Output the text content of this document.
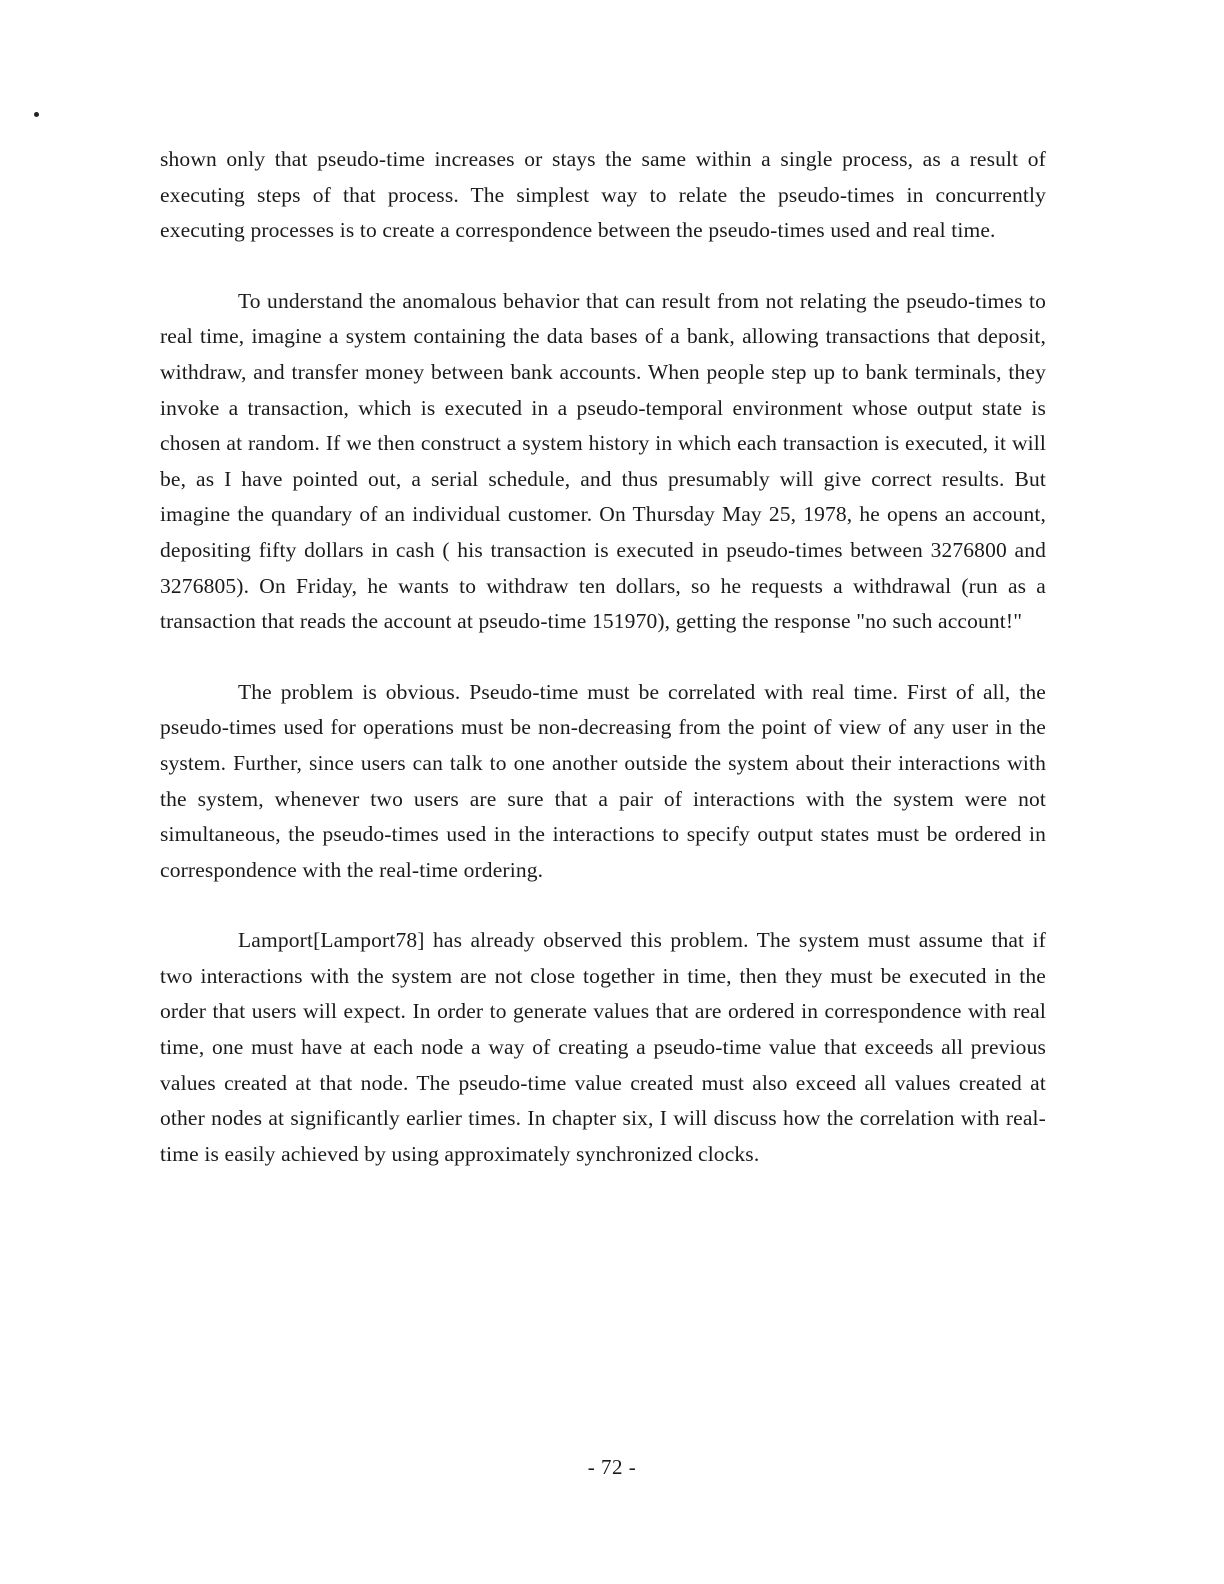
shown only that pseudo-time increases or stays the same within a single process, as a result of executing steps of that process. The simplest way to relate the pseudo-times in concurrently executing processes is to create a correspondence between the pseudo-times used and real time.

To understand the anomalous behavior that can result from not relating the pseudo-times to real time, imagine a system containing the data bases of a bank, allowing transactions that deposit, withdraw, and transfer money between bank accounts. When people step up to bank terminals, they invoke a transaction, which is executed in a pseudo-temporal environment whose output state is chosen at random. If we then construct a system history in which each transaction is executed, it will be, as I have pointed out, a serial schedule, and thus presumably will give correct results. But imagine the quandary of an individual customer. On Thursday May 25, 1978, he opens an account, depositing fifty dollars in cash ( his transaction is executed in pseudo-times between 3276800 and 3276805). On Friday, he wants to withdraw ten dollars, so he requests a withdrawal (run as a transaction that reads the account at pseudo-time 151970), getting the response "no such account!"

The problem is obvious. Pseudo-time must be correlated with real time. First of all, the pseudo-times used for operations must be non-decreasing from the point of view of any user in the system. Further, since users can talk to one another outside the system about their interactions with the system, whenever two users are sure that a pair of interactions with the system were not simultaneous, the pseudo-times used in the interactions to specify output states must be ordered in correspondence with the real-time ordering.

Lamport[Lamport78] has already observed this problem. The system must assume that if two interactions with the system are not close together in time, then they must be executed in the order that users will expect. In order to generate values that are ordered in correspondence with real time, one must have at each node a way of creating a pseudo-time value that exceeds all previous values created at that node. The pseudo-time value created must also exceed all values created at other nodes at significantly earlier times. In chapter six, I will discuss how the correlation with real-time is easily achieved by using approximately synchronized clocks.

- 72 -
